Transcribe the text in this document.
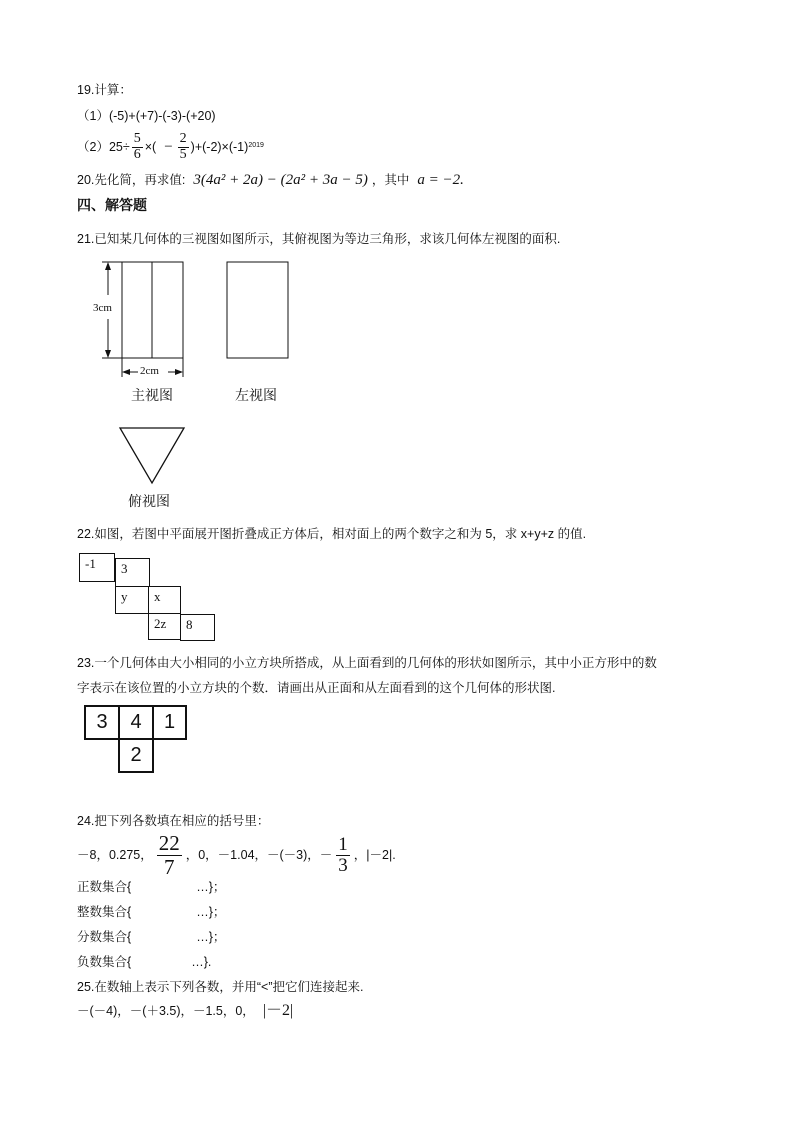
19.计算：
（1）(-5)+(+7)-(-3)-(+20)
$(2)25\div \frac{5}{6}$ ×( − $\frac{2}{5} )+(-2)\times(-1)$ 2019
20.先化简，再求值: 3(4a² + 2a) − (2a² + 3a − 5) ，其中 a = −2.
四、解答题
21.已知某几何体的三视图如图所示，其俯视图为等边三角形，求该几何体左视图的面积.
3cm
2cm
主视图	左视图
俯视图
22.如图，若图中平面展开图折叠成正方体后，相对面上的两个数字之和为 5，求 x+y+z 的值.
-1	3
y	x
2z	8
23.一个几何体由大小相同的小立方块所搭成，从上面看到的几何体的形状如图所示，其中小正方形中的数
字表示在该位置的小立方块的个数．请画出从正面和从左面看到的这个几何体的形状图.
3	4	1
2
24.把下列各数填在相应的括号里：
－8，0.275， $\frac{22}{7}$ ，0，－1.04，－(－3)，－ $\frac{1}{3}$ ，|－2|.
正数集合{	…}；
整数集合{	…}；
分数集合{	…}；
负数集合{	…}.
25.在数轴上表示下列各数，并用“<”把它们连接起来.
－(－4)，－(＋3.5)，－1.5，0， |－2|
